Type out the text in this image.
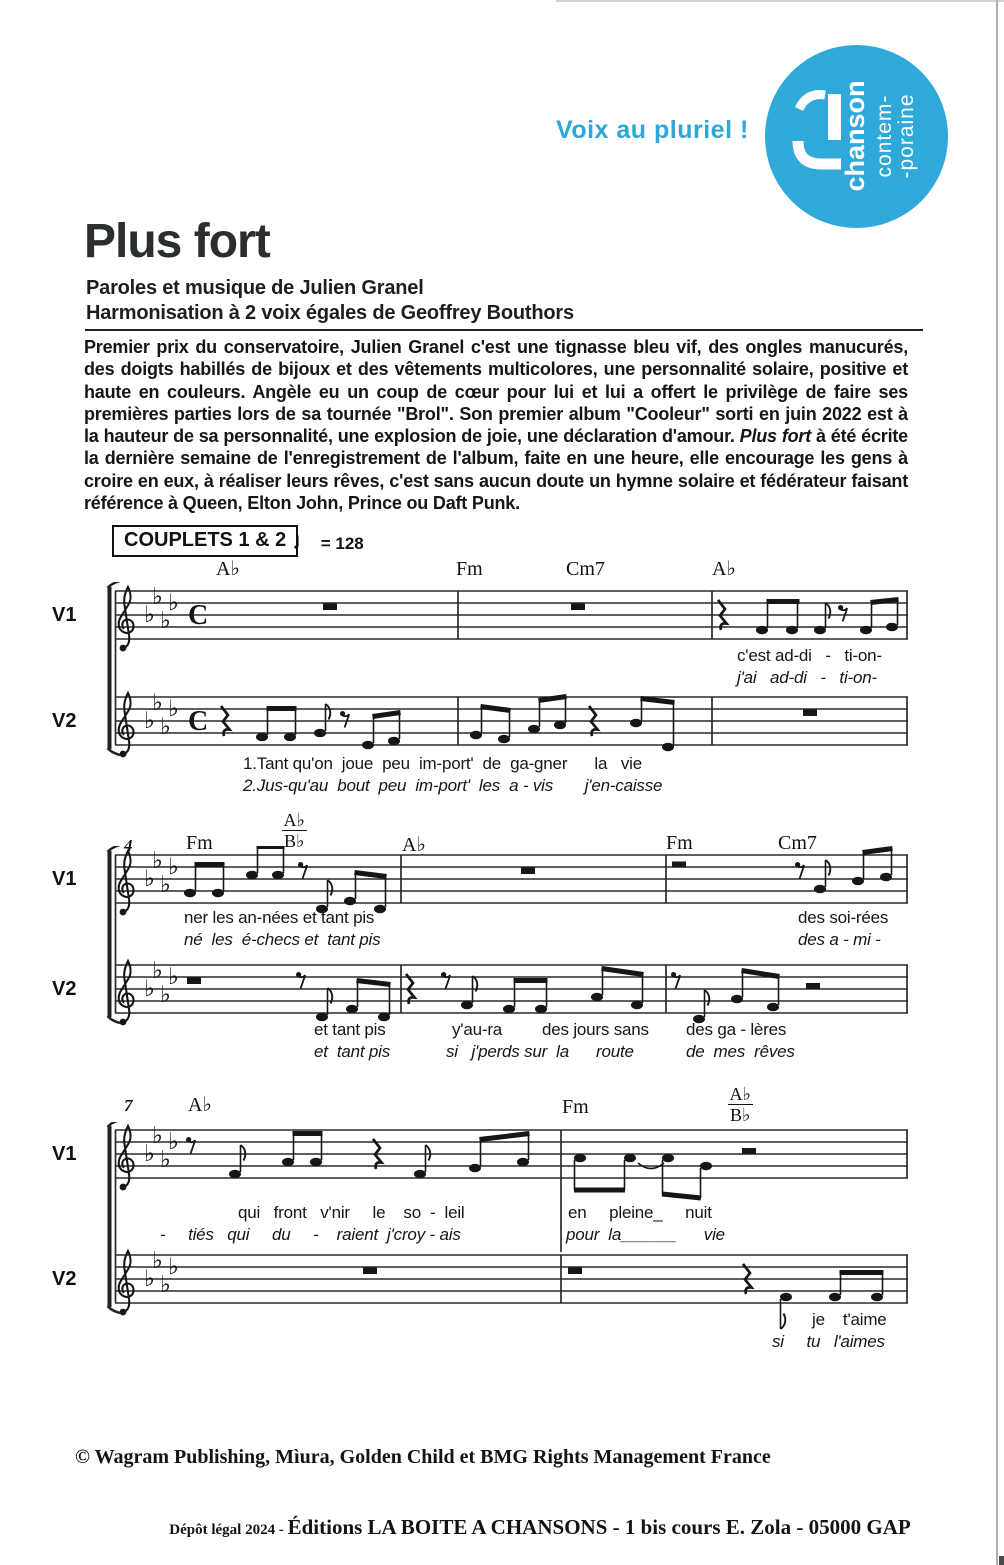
Voix au pluriel !	chanson contem- -poraine
Plus fort
Paroles et musique de Julien Granel
Harmonisation à 2 voix égales de Geoffrey Bouthors
Premier prix du conservatoire, Julien Granel c'est une tignasse bleu vif, des ongles manucurés, des doigts habillés de bijoux et des vêtements multicolores, une personnalité solaire, positive et haute en couleurs. Angèle eu un coup de cœur pour lui et lui a offert le privilège de faire ses premières parties lors de sa tournée "Brol". Son premier album "Cooleur" sorti en juin 2022 est à la hauteur de sa personnalité, une explosion de joie, une déclaration d'amour. Plus fort à été écrite la dernière semaine de l'enregistrement de l'album, faite en une heure, elle encourage les gens à croire en eux, à réaliser leurs rêves, c'est sans aucun doute un hymne solaire et fédérateur faisant référence à Queen, Elton John, Prince ou Daft Punk.
COUPLETS 1 & 2 ♩ = 128
♭
♭
♭
♭ C
♭
♭
♭
♭ C
♭
♭
♭
♭
♭
♭
♭
♭
♭
♭
♭
♭
♭
♭
♭
♭
V1
V2
A♭	Fm	Cm7	A♭
c'est ad-di   -   ti-on-
j'ai   ad-di   -   ti-on-
1.Tant qu'on  joue  peu  im-port'  de  ga-gner      la   vie
2.Jus-qu'au  bout  peu  im-port'  les  a - vis       j'en-caisse
4
V1
V2
Fm
A♭
B♭	A♭	Fm	Cm7
ner les an-nées et tant pis	des soi-rées
né  les  é-checs et  tant pis	des a - mi -
et tant pis	y'au-ra des jours sans des ga - lères
et  tant pis	si   j'perds sur  la route	de  mes  rêves
7
V1
V2
A♭	Fm
A♭
B♭
qui   front   v'nir     le    so  -  leil	en     pleine_     nuit
-     tiés   qui     du     -    raient  j'croy - ais	pour  la______      vie
je    t'aime
si     tu   l'aimes
© Wagram Publishing, Mìura, Golden Child et BMG Rights Management France
Dépôt légal 2024 - Éditions LA BOITE A CHANSONS - 1 bis cours E. Zola - 05000 GAP
